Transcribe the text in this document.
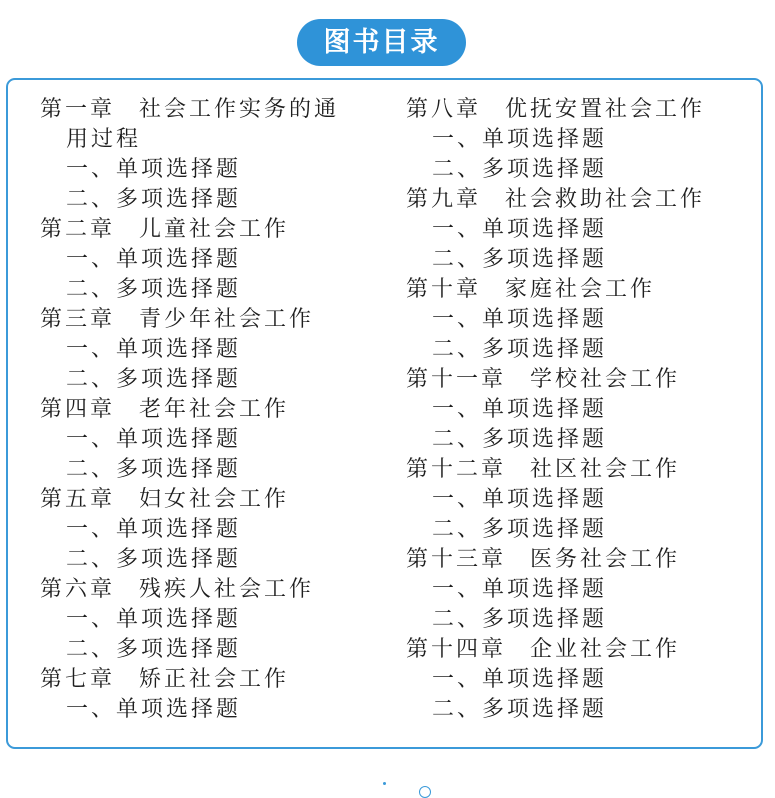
图书目录
第一章 社会工作实务的通
用过程
一、单项选择题
二、多项选择题
第二章 儿童社会工作
一、单项选择题
二、多项选择题
第三章 青少年社会工作
一、单项选择题
二、多项选择题
第四章 老年社会工作
一、单项选择题
二、多项选择题
第五章 妇女社会工作
一、单项选择题
二、多项选择题
第六章 残疾人社会工作
一、单项选择题
二、多项选择题
第七章 矫正社会工作
一、单项选择题
第八章 优抚安置社会工作
一、单项选择题
二、多项选择题
第九章 社会救助社会工作
一、单项选择题
二、多项选择题
第十章 家庭社会工作
一、单项选择题
二、多项选择题
第十一章 学校社会工作
一、单项选择题
二、多项选择题
第十二章 社区社会工作
一、单项选择题
二、多项选择题
第十三章 医务社会工作
一、单项选择题
二、多项选择题
第十四章 企业社会工作
一、单项选择题
二、多项选择题
